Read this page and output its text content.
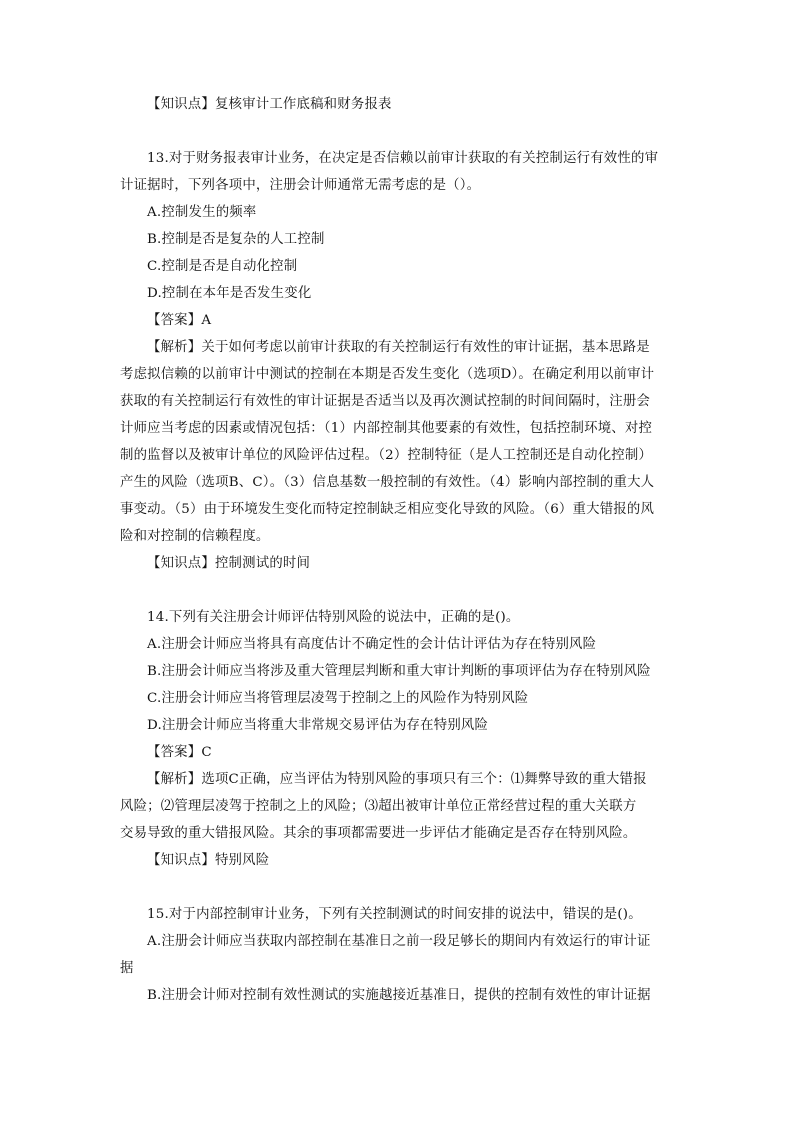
【知识点】复核审计工作底稿和财务报表
13.对于财务报表审计业务，在决定是否信赖以前审计获取的有关控制运行有效性的审
计证据时，下列各项中，注册会计师通常无需考虑的是（）。
A.控制发生的频率
B.控制是否是复杂的人工控制
C.控制是否是自动化控制
D.控制在本年是否发生变化
【答案】A
【解析】关于如何考虑以前审计获取的有关控制运行有效性的审计证据，基本思路是
考虑拟信赖的以前审计中测试的控制在本期是否发生变化（选项D）。在确定利用以前审计
获取的有关控制运行有效性的审计证据是否适当以及再次测试控制的时间间隔时，注册会
计师应当考虑的因素或情况包括：（1）内部控制其他要素的有效性，包括控制环境、对控
制的监督以及被审计单位的风险评估过程。（2）控制特征（是人工控制还是自动化控制）
产生的风险（选项B、C）。（3）信息基数一般控制的有效性。（4）影响内部控制的重大人
事变动。（5）由于环境发生变化而特定控制缺乏相应变化导致的风险。（6）重大错报的风
险和对控制的信赖程度。
【知识点】控制测试的时间
14.下列有关注册会计师评估特别风险的说法中，正确的是()。
A.注册会计师应当将具有高度估计不确定性的会计估计评估为存在特别风险
B.注册会计师应当将涉及重大管理层判断和重大审计判断的事项评估为存在特别风险
C.注册会计师应当将管理层凌驾于控制之上的风险作为特别风险
D.注册会计师应当将重大非常规交易评估为存在特别风险
【答案】C
【解析】选项C正确，应当评估为特别风险的事项只有三个：⑴舞弊导致的重大错报
风险；⑵管理层凌驾于控制之上的风险；⑶超出被审计单位正常经营过程的重大关联方
交易导致的重大错报风险。其余的事项都需要进一步评估才能确定是否存在特别风险。
【知识点】特别风险
15.对于内部控制审计业务，下列有关控制测试的时间安排的说法中，错误的是()。
A.注册会计师应当获取内部控制在基准日之前一段足够长的期间内有效运行的审计证
据
B.注册会计师对控制有效性测试的实施越接近基准日，提供的控制有效性的审计证据
